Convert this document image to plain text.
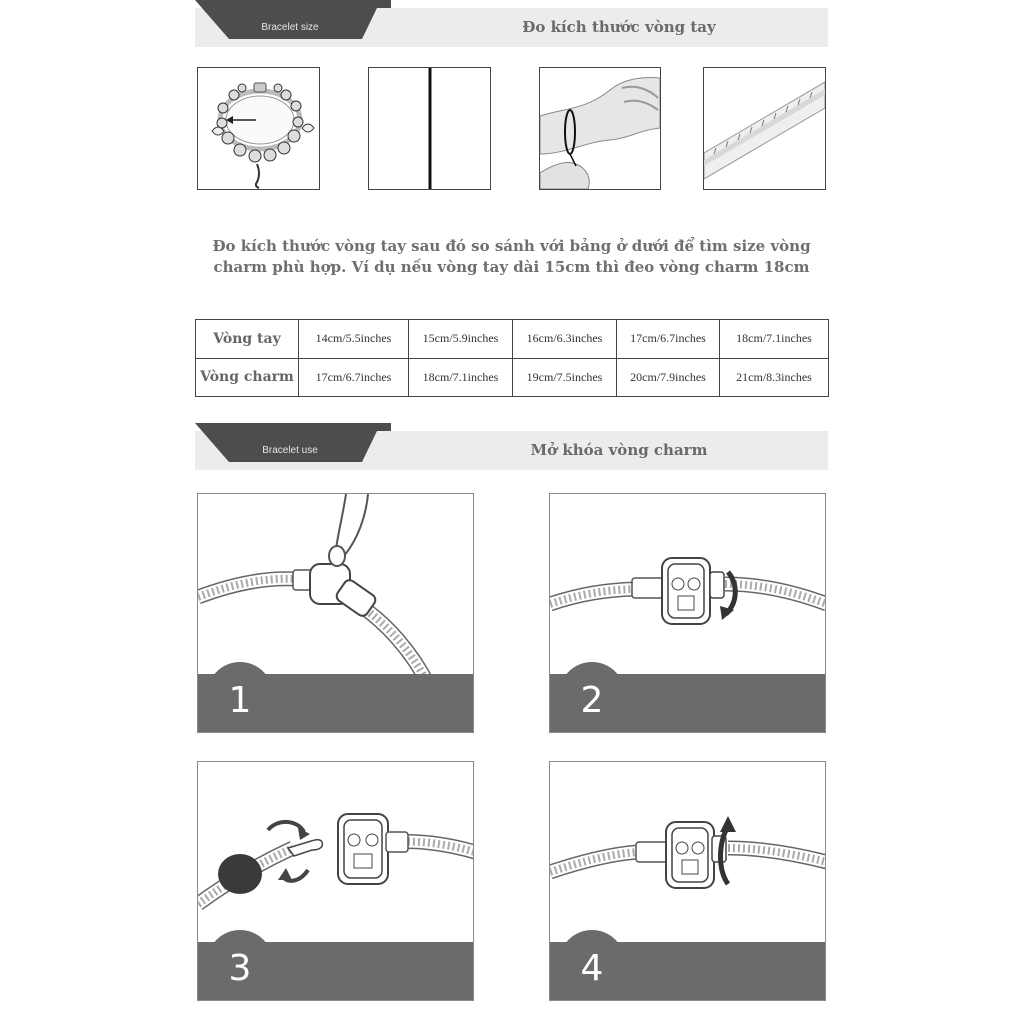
Bracelet size	Đo kích thước vòng tay
Đo kích thước vòng tay sau đó so sánh với bảng ở dưới để tìm size vòng
charm phù hợp. Ví dụ nếu vòng tay dài 15cm thì đeo vòng charm 18cm
Vòng tay	14cm/5.5inches	15cm/5.9inches	16cm/6.3inches	17cm/6.7inches	18cm/7.1inches
Vòng charm	17cm/6.7inches	18cm/7.1inches	19cm/7.5inches	20cm/7.9inches	21cm/8.3inches
Bracelet use	Mở khóa vòng charm
1	2
3	4
